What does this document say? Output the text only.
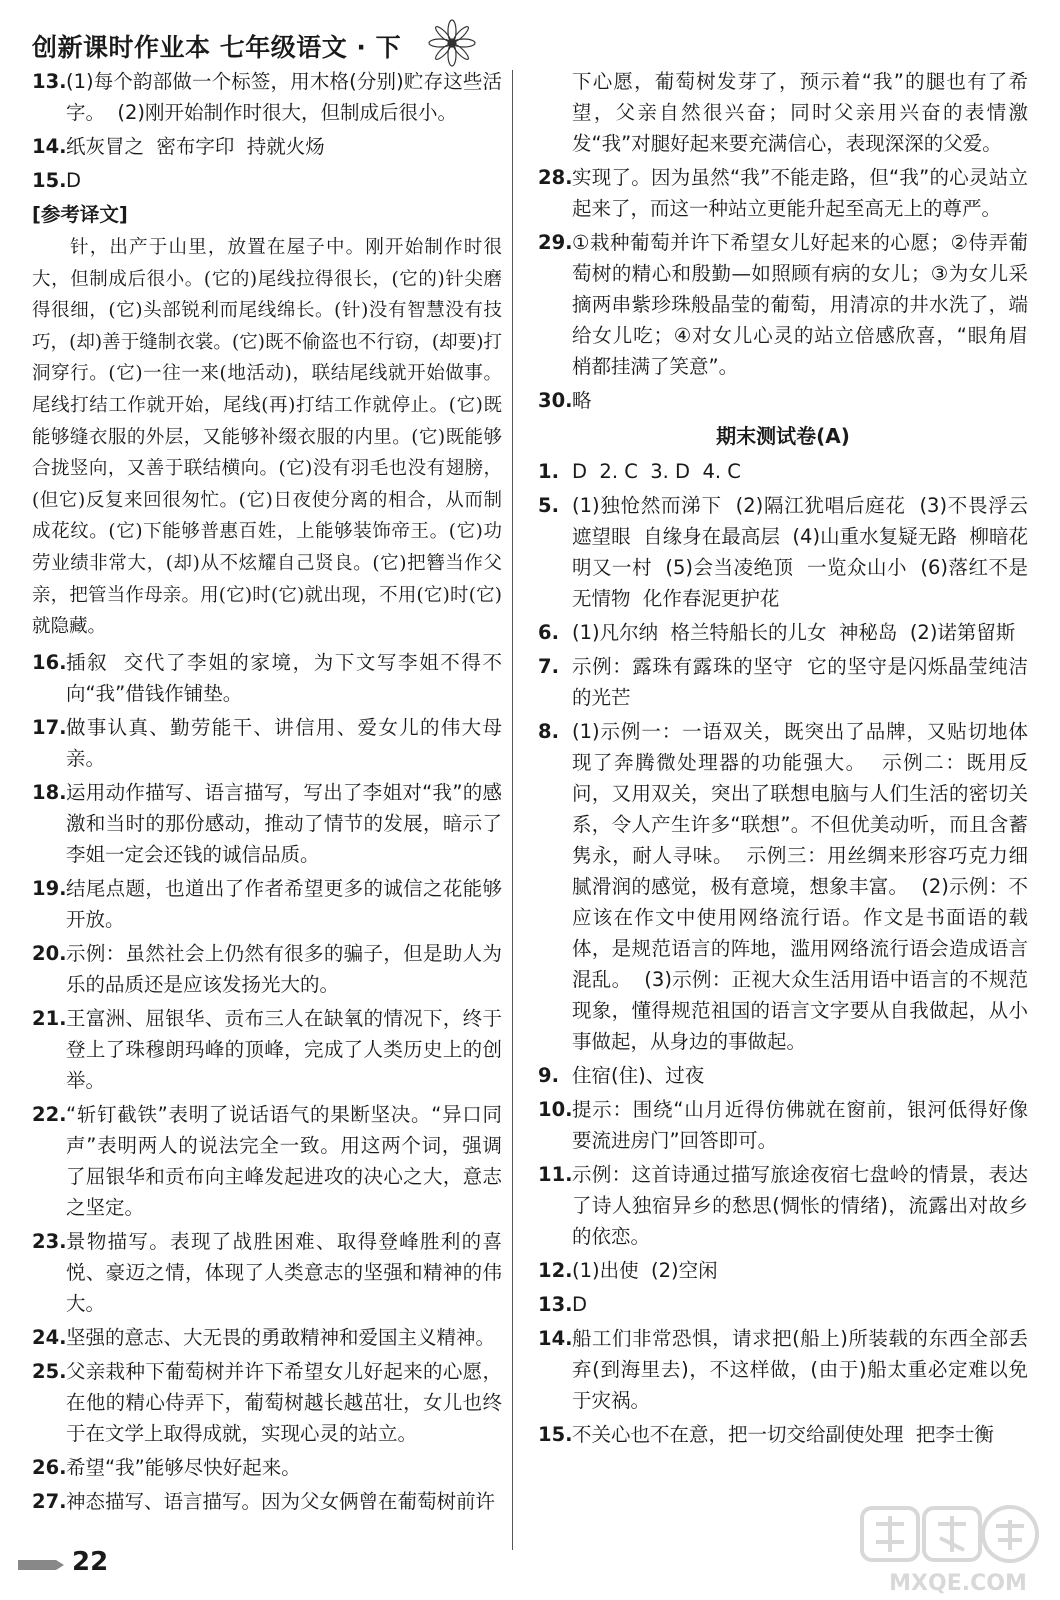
创新课时作业本 七年级语文 · 下
13. (1)每个韵部做一个标签，用木格(分别)贮存这些活字。  (2)刚开始制作时很大，但制成后很小。
14. 纸灰冒之  密布字印  持就火炀
15. D
[参考译文]
针，出产于山里，放置在屋子中。刚开始制作时很大，但制成后很小。(它的)尾线拉得很长，(它的)针尖磨得很细，(它)头部锐利而尾线绵长。(针)没有智慧没有技巧，(却)善于缝制衣裳。(它)既不偷盗也不行窃，(却要)打洞穿行。(它)一往一来(地活动)，联结尾线就开始做事。尾线打结工作就开始，尾线(再)打结工作就停止。(它)既能够缝衣服的外层，又能够补缀衣服的内里。(它)既能够合拢竖向，又善于联结横向。(它)没有羽毛也没有翅膀，(但它)反复来回很匆忙。(它)日夜使分离的相合，从而制成花纹。(它)下能够普惠百姓，上能够装饰帝王。(它)功劳业绩非常大，(却)从不炫耀自己贤良。(它)把簪当作父亲，把管当作母亲。用(它)时(它)就出现，不用(它)时(它)就隐藏。
16. 插叙  交代了李姐的家境，为下文写李姐不得不向“我”借钱作铺垫。
17. 做事认真、勤劳能干、讲信用、爱女儿的伟大母亲。
18. 运用动作描写、语言描写，写出了李姐对“我”的感激和当时的那份感动，推动了情节的发展，暗示了李姐一定会还钱的诚信品质。
19. 结尾点题，也道出了作者希望更多的诚信之花能够开放。
20. 示例：虽然社会上仍然有很多的骗子，但是助人为乐的品质还是应该发扬光大的。
21. 王富洲、屈银华、贡布三人在缺氧的情况下，终于登上了珠穆朗玛峰的顶峰，完成了人类历史上的创举。
22. “斩钉截铁”表明了说话语气的果断坚决。“异口同声”表明两人的说法完全一致。用这两个词，强调了屈银华和贡布向主峰发起进攻的决心之大，意志之坚定。
23. 景物描写。表现了战胜困难、取得登峰胜利的喜悦、豪迈之情，体现了人类意志的坚强和精神的伟大。
24. 坚强的意志、大无畏的勇敢精神和爱国主义精神。
25. 父亲栽种下葡萄树并许下希望女儿好起来的心愿，在他的精心侍弄下，葡萄树越长越茁壮，女儿也终于在文学上取得成就，实现心灵的站立。
26. 希望“我”能够尽快好起来。
27. 神态描写、语言描写。因为父女俩曾在葡萄树前许
下心愿，葡萄树发芽了，预示着“我”的腿也有了希望，父亲自然很兴奋；同时父亲用兴奋的表情激发“我”对腿好起来要充满信心，表现深深的父爱。
28. 实现了。因为虽然“我”不能走路，但“我”的心灵站立起来了，而这一种站立更能升起至高无上的尊严。
29. ①栽种葡萄并许下希望女儿好起来的心愿；②侍弄葡萄树的精心和殷勤—如照顾有病的女儿；③为女儿采摘两串紫珍珠般晶莹的葡萄，用清凉的井水洗了，端给女儿吃；④对女儿心灵的站立倍感欣喜，“眼角眉梢都挂满了笑意”。
30. 略
期末测试卷(A)
1. D  2. C  3. D  4. C
5. (1)独怆然而涕下  (2)隔江犹唱后庭花  (3)不畏浮云遮望眼  自缘身在最高层  (4)山重水复疑无路  柳暗花明又一村  (5)会当凌绝顶  一览众山小  (6)落红不是无情物  化作春泥更护花
6. (1)凡尔纳  格兰特船长的儿女  神秘岛  (2)诺第留斯
7. 示例：露珠有露珠的坚守  它的坚守是闪烁晶莹纯洁的光芒
8. (1)示例一：一语双关，既突出了品牌，又贴切地体现了奔腾微处理器的功能强大。  示例二：既用反问，又用双关，突出了联想电脑与人们生活的密切关系，令人产生许多“联想”。不但优美动听，而且含蓄隽永，耐人寻味。  示例三：用丝绸来形容巧克力细腻滑润的感觉，极有意境，想象丰富。  (2)示例：不应该在作文中使用网络流行语。作文是书面语的载体，是规范语言的阵地，滥用网络流行语会造成语言混乱。  (3)示例：正视大众生活用语中语言的不规范现象，懂得规范祖国的语言文字要从自我做起，从小事做起，从身边的事做起。
9. 住宿(住)、过夜
10. 提示：围绕“山月近得仿佛就在窗前，银河低得好像要流进房门”回答即可。
11. 示例：这首诗通过描写旅途夜宿七盘岭的情景，表达了诗人独宿异乡的愁思(惆怅的情绪)，流露出对故乡的依恋。
12. (1)出使  (2)空闲
13. D
14. 船工们非常恐惧，请求把(船上)所装载的东西全部丢弃(到海里去)，不这样做，(由于)船太重必定难以免于灾祸。
15. 不关心也不在意，把一切交给副使处理  把李士衡
22
MXQE.COM
